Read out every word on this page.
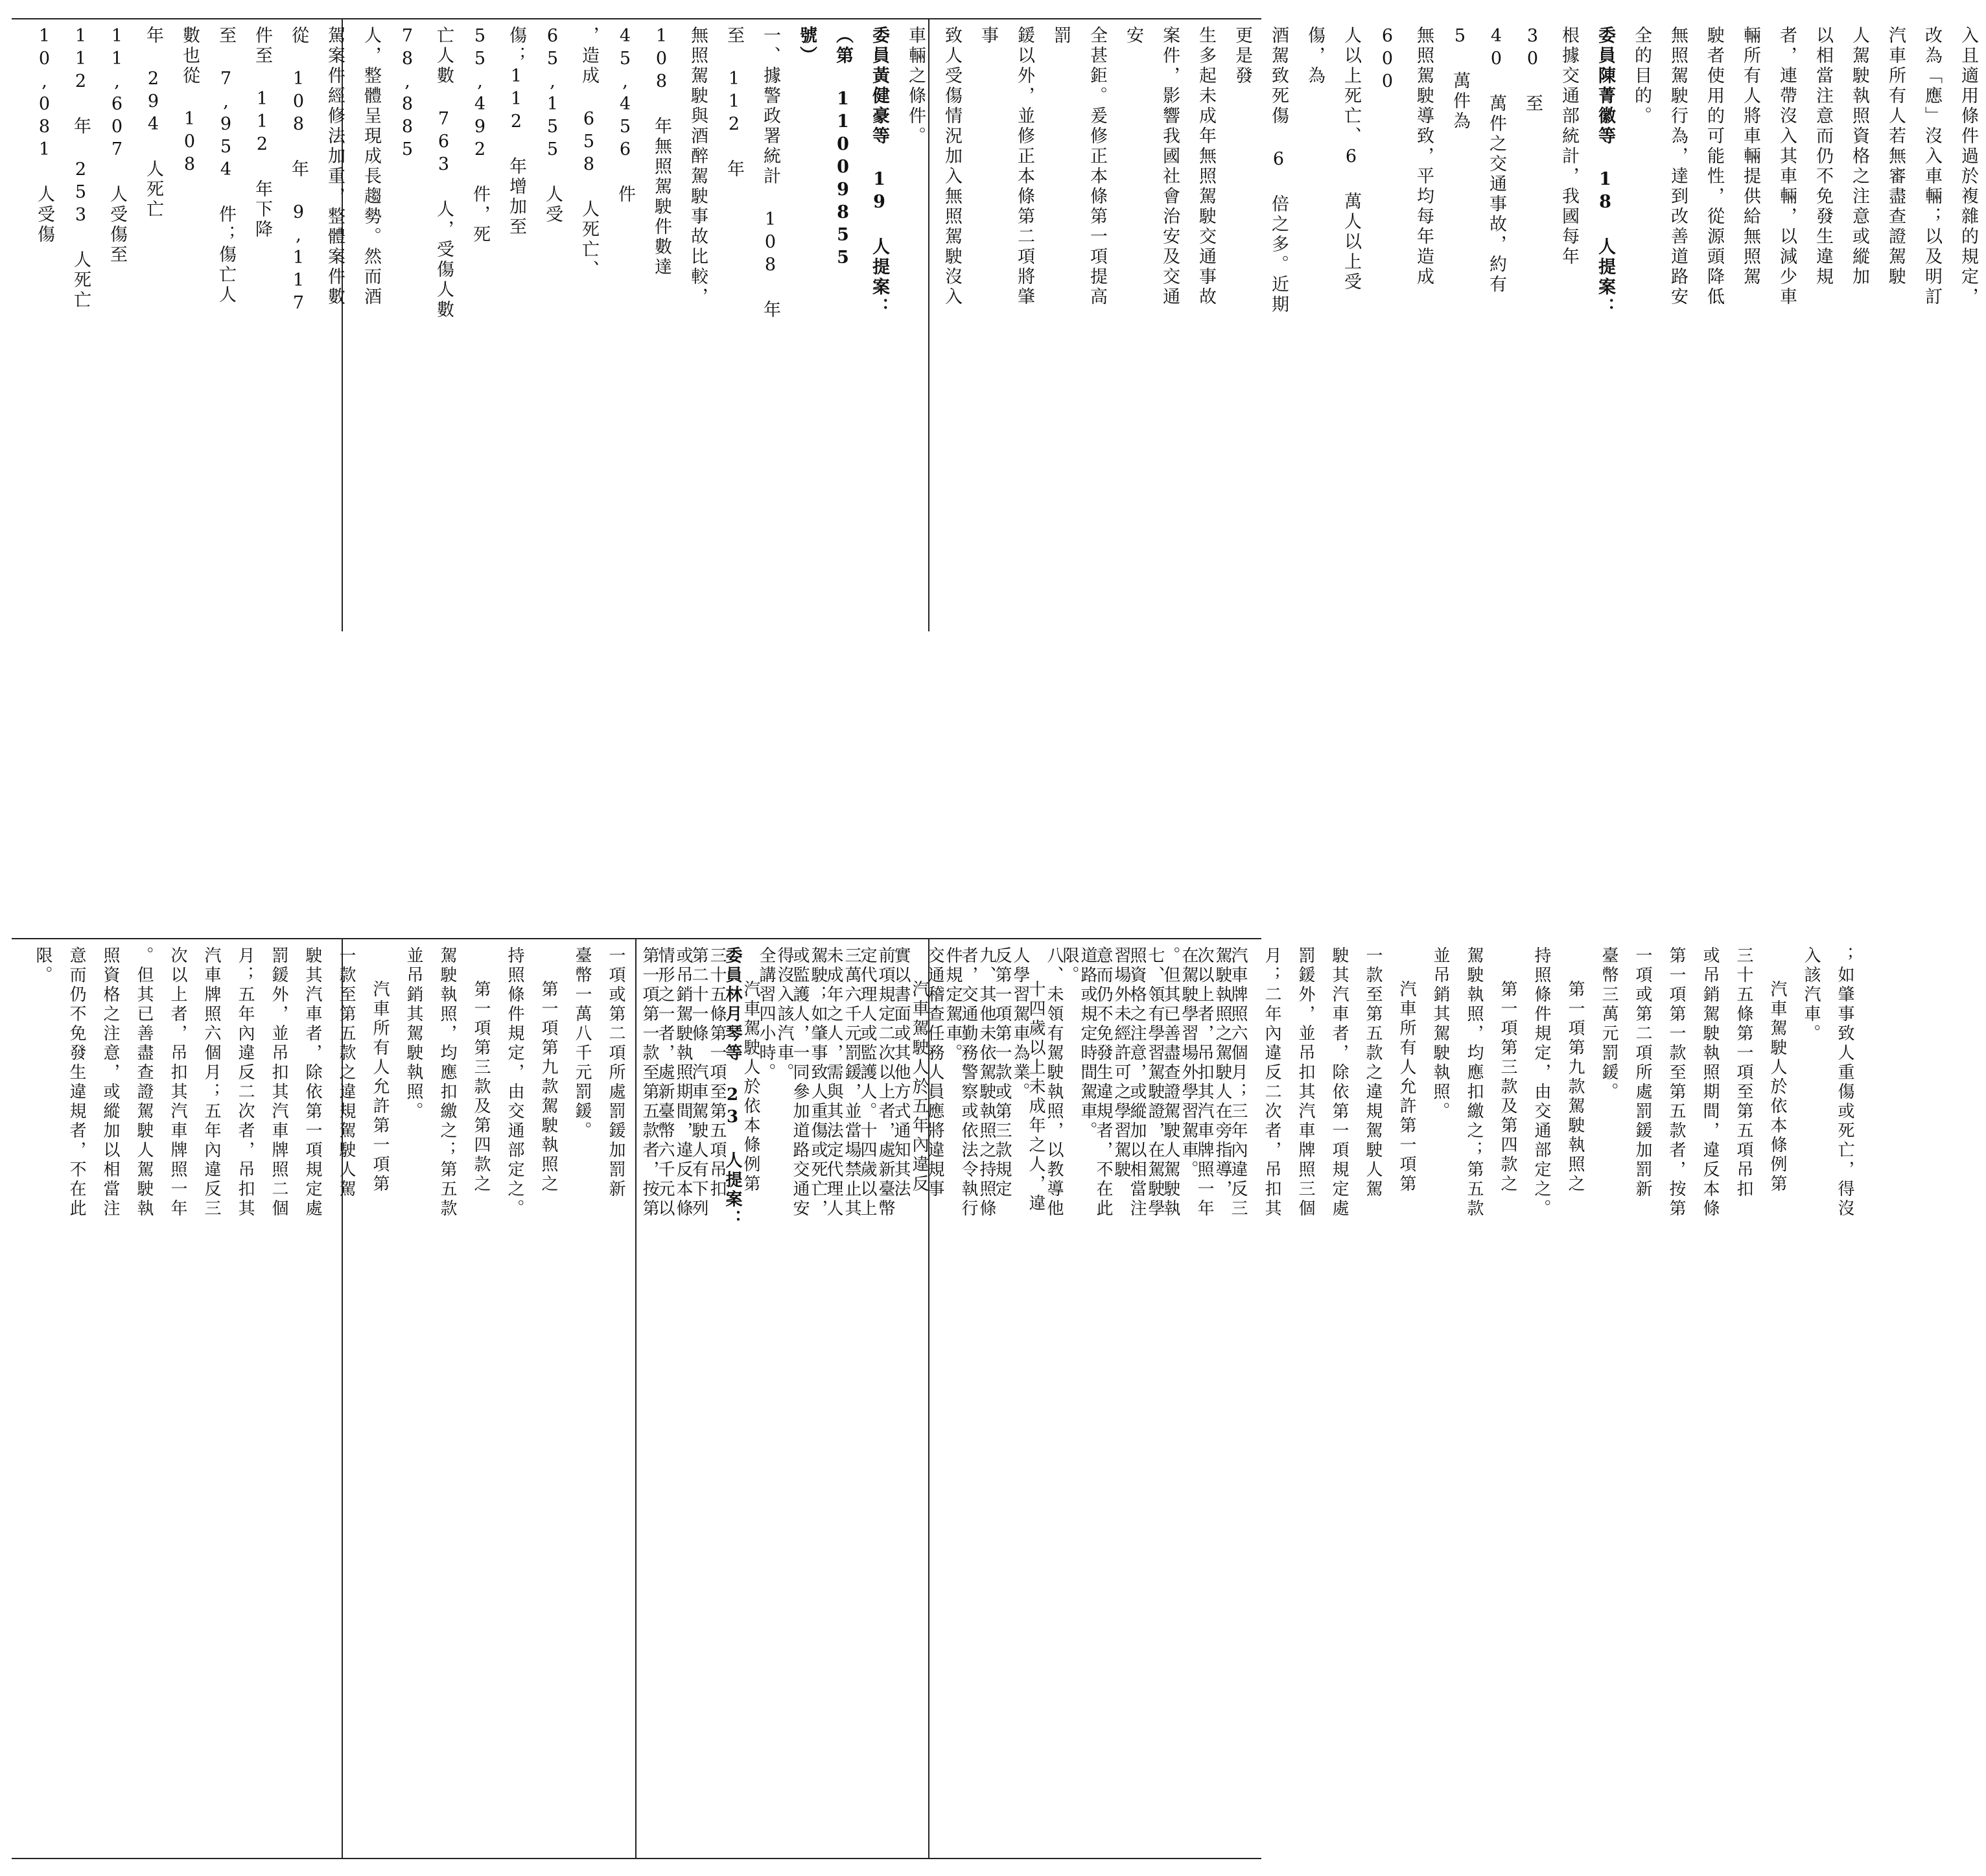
入且適用條件過於複雜的規定，

改為「應」沒入車輛；以及明訂

汽車所有人若無審盡查證駕駛

人駕駛執照資格之注意或縱加

以相當注意而仍不免發生違規

者，連帶沒入其車輛，以減少車

輛所有人將車輛提供給無照駕

駛者使用的可能性，從源頭降低

無照駕駛行為，達到改善道路安

全的目的。

委員陳菁徽等 18 人提案：

根據交通部統計，我國每年 30 至

40 萬件之交通事故，約有 5 萬件為

無照駕駛導致，平均每年造成 600

人以上死亡、6 萬人以上受傷，為

酒駕致死傷 6 倍之多。近期更是發

生多起未成年無照駕駛交通事故

案件，影響我國社會治安及交通安

全甚鉅。爰修正本條第一項提高罰

鍰以外，並修正本條第二項將肇事

致人受傷情況加入無照駕駛沒入

車輛之條件。

委員黃健豪等 19 人提案：

（第 11009855 號）

一、據警政署統計 108 年至 112 年

無照駕駛與酒醉駕駛事故比較，

108 年無照駕駛件數達 45,456 件

，造成 658 人死亡、65,155 人受

傷；112 年增加至 55,492 件，死

亡人數 763 人，受傷人數 78,885

人，整體呈現成長趨勢。然而酒

駕案件經修法加重，整體案件數

從 108 年 9,117 件至 112 年下降

至 7,954 件；傷亡人數也從 108

年 294 人死亡 11,607 人受傷至

112 年 253 人死亡 10,081 人受傷

；如肇事致人重傷或死亡，得沒

入該汽車。

汽車駕駛人於依本條例第

三十五條第一項至第五項吊扣

或吊銷駕駛執照期間，違反本條

第一項第一款至第五款者，按第

一項或第二項所處罰鍰加罰新

臺幣三萬元罰鍰。

第一項第九款駕駛執照之

持照條件規定，由交通部定之。

第一項第三款及第四款之

駕駛執照，均應扣繳之；第五款

並吊銷其駕駛執照。

汽車所有人允許第一項第

一款至第五款之違規駕駛人駕

駛其汽車者，除依第一項規定處

罰鍰外，並吊扣其汽車牌照三個

月；二年內違反二次者，吊扣其

汽車牌照六個月；三年內違反三

次以上者，吊扣其汽車牌照一年

。但其已善盡查證駕駛人駕駛執

照資格之注意，或縱加以相當注

意而仍不免發生違規者，不在此

限。

十四歲以上未成年之人，違

反第一項第一款或第三款規定

者，交通勤務警察或依法令執行

交通稽查任務人員應將違規事

實以書面或其他方式通知其法

定代理人或監護人。十四歲以上

未成年之人，需與其法定代理人

或監護人，一同參加道路交通安

全講習四小時。

委員林月琴等 23 人提案：

第二十一條　汽車駕駛人有下列

情形之一者，處新臺幣六千元以	駕駛執照之駕駛人在旁指導，

在駕駛學習場外學習駕車。

七、領有學習駕駛證，在駕駛學

習場外未經許可之學習駕駛

道路或規定時間駕車。

八、未領有駕駛執照，以教導他

人學習駕車為業。

九、其他未依駕駛執照之持照條

件規定駕車。

汽車駕駛人於五年內違反

前項規定二次以上者，處新臺幣

三萬六千元罰鍰，並當場禁止其

駕駛；如肇事致人重傷或死亡，

得沒入該汽車。

汽車駕駛人於依本條例第

三十五條第一項至第五項吊扣

或吊銷駕駛執照期間，違反本條

第一項第一款至第五款者，按第

一項或第二項所處罰鍰加罰新

臺幣一萬八千元罰鍰。

第一項第九款駕駛執照之

持照條件規定，由交通部定之。

第一項第三款及第四款之

駕駛執照，均應扣繳之；第五款

並吊銷其駕駛執照。

汽車所有人允許第一項第

一款至第五款之違規駕駛人駕

駛其汽車者，除依第一項規定處

罰鍰外，並吊扣其汽車牌照二個

月；五年內違反二次者，吊扣其

汽車牌照六個月；五年內違反三

次以上者，吊扣其汽車牌照一年

。但其已善盡查證駕駛人駕駛執

照資格之注意，或縱加以相當注

意而仍不免發生違規者，不在此

限。
